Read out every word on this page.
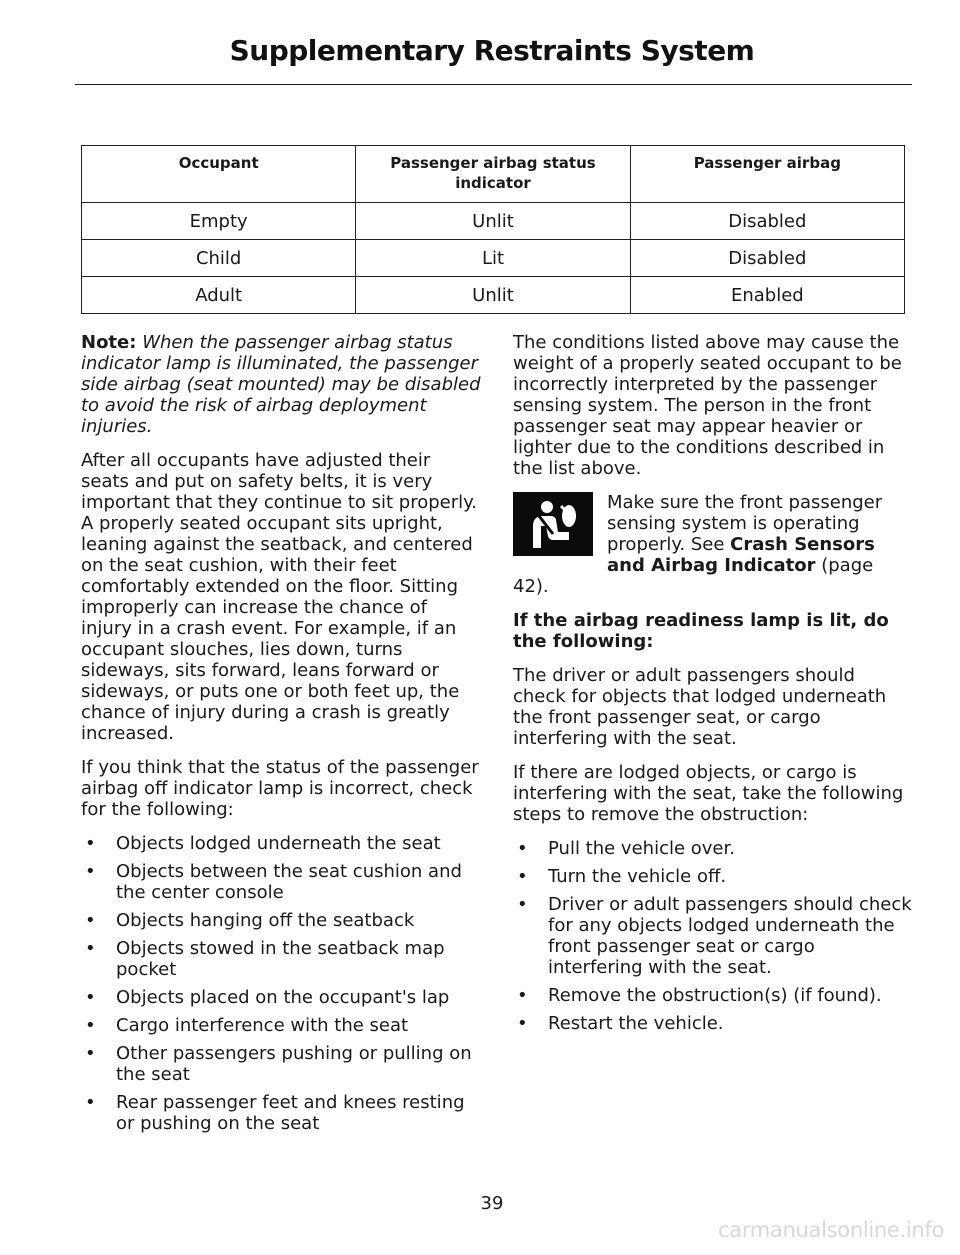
Supplementary Restraints System
Occupant	Passenger airbag status indicator	Passenger airbag
Empty	Unlit	Disabled
Child	Lit	Disabled
Adult	Unlit	Enabled

Note: When the passenger airbag status indicator lamp is illuminated, the passenger side airbag (seat mounted) may be disabled to avoid the risk of airbag deployment injuries.

After all occupants have adjusted their seats and put on safety belts, it is very important that they continue to sit properly. A properly seated occupant sits upright, leaning against the seatback, and centered on the seat cushion, with their feet comfortably extended on the floor. Sitting improperly can increase the chance of injury in a crash event. For example, if an occupant slouches, lies down, turns sideways, sits forward, leans forward or sideways, or puts one or both feet up, the chance of injury during a crash is greatly increased.

If you think that the status of the passenger airbag off indicator lamp is incorrect, check for the following:

• Objects lodged underneath the seat
• Objects between the seat cushion and the center console
• Objects hanging off the seatback
• Objects stowed in the seatback map pocket
• Objects placed on the occupant's lap
• Cargo interference with the seat
• Other passengers pushing or pulling on the seat
• Rear passenger feet and knees resting or pushing on the seat

The conditions listed above may cause the weight of a properly seated occupant to be incorrectly interpreted by the passenger sensing system. The person in the front passenger seat may appear heavier or lighter due to the conditions described in the list above.

Make sure the front passenger sensing system is operating properly. See Crash Sensors and Airbag Indicator (page 42).

If the airbag readiness lamp is lit, do the following:

The driver or adult passengers should check for objects that lodged underneath the front passenger seat, or cargo interfering with the seat.

If there are lodged objects, or cargo is interfering with the seat, take the following steps to remove the obstruction:

• Pull the vehicle over.
• Turn the vehicle off.
• Driver or adult passengers should check for any objects lodged underneath the front passenger seat or cargo interfering with the seat.
• Remove the obstruction(s) (if found).
• Restart the vehicle.
39
carmanualsonline.info
